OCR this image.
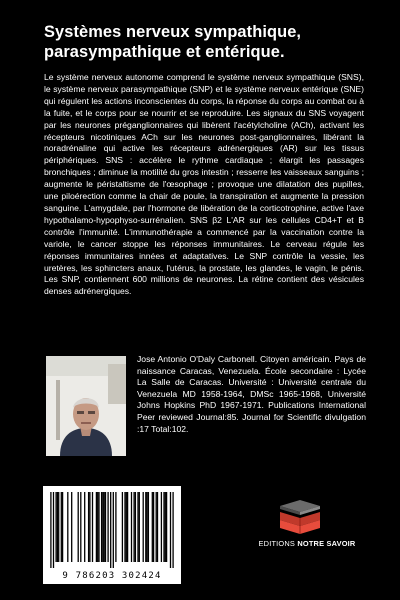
Systèmes nerveux sympathique, parasympathique et entérique.

Le système nerveux autonome comprend le système nerveux sympathique (SNS), le système nerveux parasympathique (SNP) et le système nerveux entérique (SNE) qui régulent les actions inconscientes du corps, la réponse du corps au combat ou à la fuite, et le corps pour se nourrir et se reproduire. Les signaux du SNS voyagent par les neurones préganglionnaires qui libèrent l'acétylcholine (ACh), activant les récepteurs nicotiniques ACh sur les neurones post-ganglionnaires, libérant la noradrénaline qui active les récepteurs adrénergiques (AR) sur les tissus périphériques. SNS : accélère le rythme cardiaque ; élargit les passages bronchiques ; diminue la motilité du gros intestin ; resserre les vaisseaux sanguins ; augmente le péristaltisme de l'œsophage ; provoque une dilatation des pupilles, une piloérection comme la chair de poule, la transpiration et augmente la pression sanguine. L'amygdale, par l'hormone de libération de la corticotrophine, active l'axe hypothalamo-hypophyso-surrénalien. SNS β2 L'AR sur les cellules CD4+T et B contrôle l'immunité. L'immunothérapie a commencé par la vaccination contre la variole, le cancer stoppe les réponses immunitaires. Le cerveau régule les réponses immunitaires innées et adaptatives. Le SNP contrôle la vessie, les uretères, les sphincters anaux, l'utérus, la prostate, les glandes, le vagin, le pénis. Les SNP, contiennent 600 millions de neurones. La rétine contient des vésicules denses adrénergiques.

Jose Antonio O'Daly Carbonell. Citoyen américain. Pays de naissance Caracas, Venezuela. École secondaire : Lycée La Salle de Caracas. Université : Université centrale du Venezuela MD 1958-1964, DMSc 1965-1968, Université Johns Hopkins PhD 1967-1971. Publications International Peer reviewed Journal:85. Journal for Scientific divulgation :17 Total:102.

9 786203 302424
EDITIONS NOTRE SAVOIR
